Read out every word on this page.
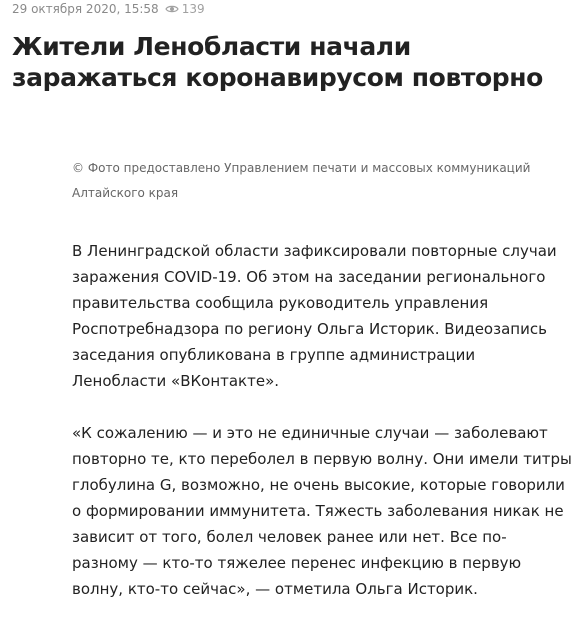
29 октября 2020, 15:58 139
Жители Ленобласти начали заражаться коронавирусом повторно
© Фото предоставлено Управлением печати и массовых коммуникаций Алтайского края

В Ленинградской области зафиксировали повторные случаи заражения COVID-19. Об этом на заседании регионального правительства сообщила руководитель управления Роспотребнадзора по региону Ольга Историк. Видеозапись заседания опубликована в группе администрации Ленобласти «ВКонтакте».

«К сожалению — и это не единичные случаи — заболевают повторно те, кто переболел в первую волну. Они имели титры глобулина G, возможно, не очень высокие, которые говорили о формировании иммунитета. Тяжесть заболевания никак не зависит от того, болел человек ранее или нет. Все по-разному — кто-то тяжелее перенес инфекцию в первую волну, кто-то сейчас», — отметила Ольга Историк.
